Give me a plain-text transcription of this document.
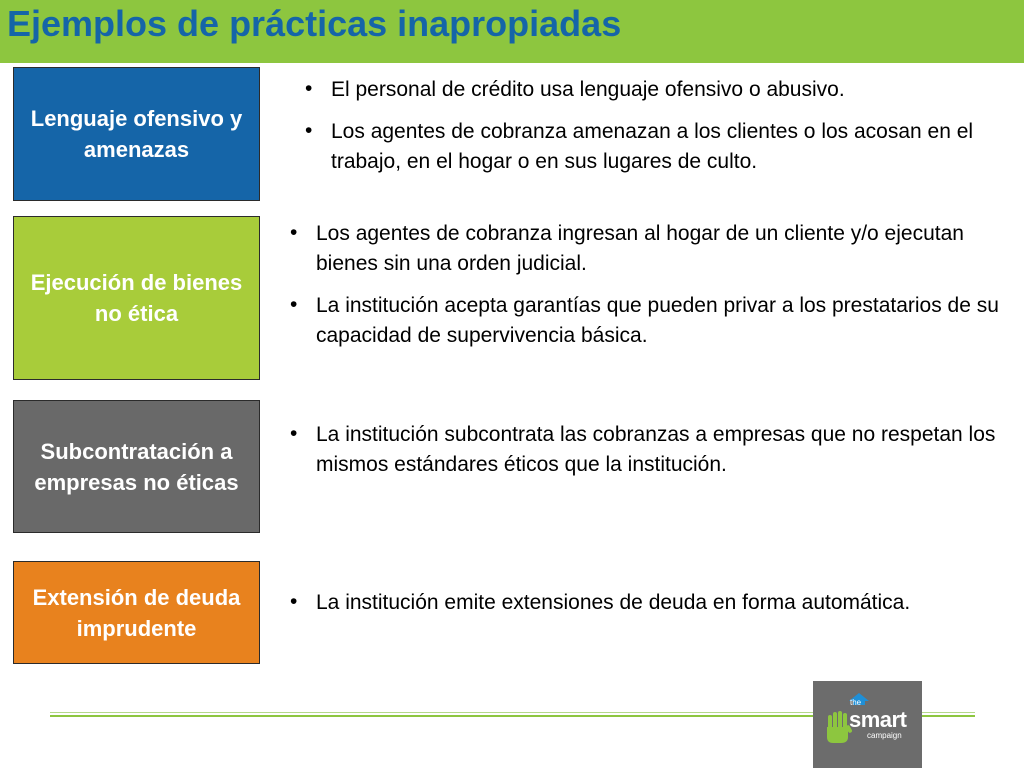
Ejemplos de prácticas inapropiadas
Lenguaje ofensivo y amenazas
• El personal de crédito usa lenguaje ofensivo o abusivo.
• Los agentes de cobranza amenazan a los clientes o los acosan en el trabajo, en el hogar o en sus lugares de culto.
Ejecución de bienes no ética
• Los agentes de cobranza ingresan al hogar de un cliente y/o ejecutan bienes sin una orden judicial.
• La institución acepta garantías que pueden privar a los prestatarios de su capacidad de supervivencia básica.
Subcontratación a empresas no éticas
• La institución subcontrata las cobranzas a empresas que no respetan los mismos estándares éticos que la institución.
Extensión de deuda imprudente
• La institución emite extensiones de deuda en forma automática.
the
smart
campaign
